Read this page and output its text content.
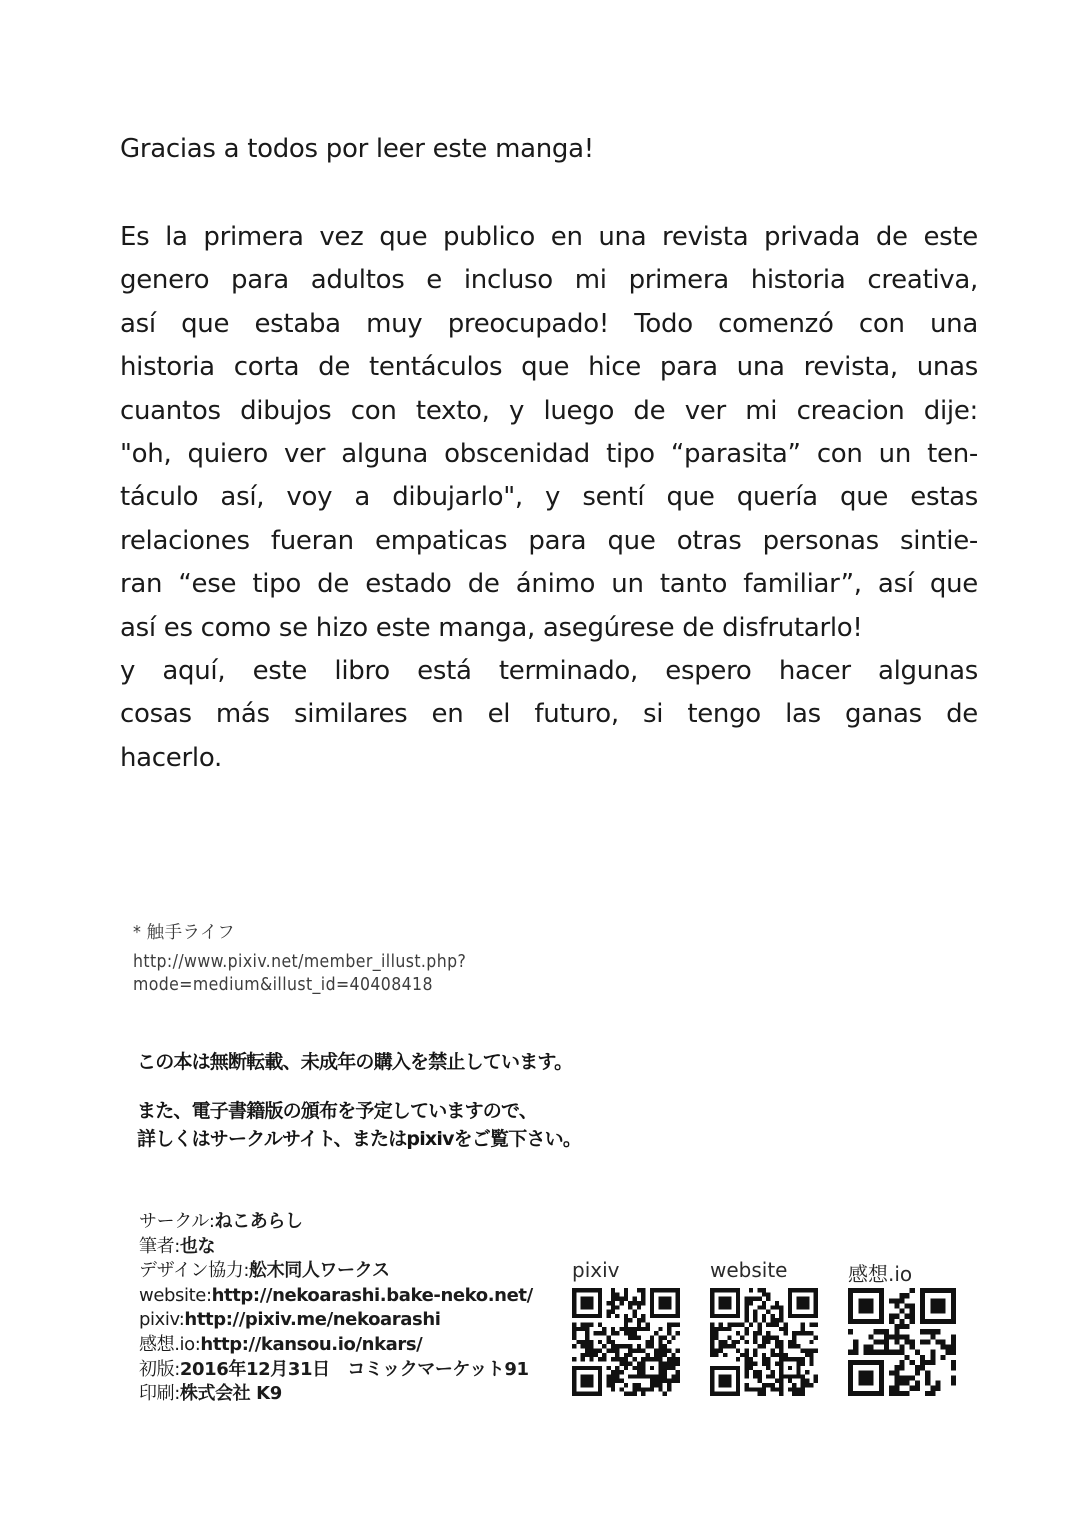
Gracias a todos por leer este manga!
Es la primera vez que publico en una revista privada de este
genero para adultos e incluso mi primera historia creativa,
así que estaba muy preocupado! Todo comenzó con una
historia corta de tentáculos que hice para una revista, unas
cuantos dibujos con texto, y luego de ver mi creacion dije:
"oh, quiero ver alguna obscenidad tipo “parasita” con un ten-
táculo así, voy a dibujarlo", y sentí que quería que estas
relaciones fueran empaticas para que otras personas sintie-
ran “ese tipo de estado de ánimo un tanto familiar”, así que
así es como se hizo este manga, asegúrese de disfrutarlo!
y aquí, este libro está terminado, espero hacer algunas
cosas más similares en el futuro, si tengo las ganas de
hacerlo.
* 触手ライフ
http://www.pixiv.net/member_illust.php?
mode=medium&illust_id=40408418
この本は無断転載、未成年の購入を禁止しています。
また、電子書籍版の頒布を予定していますので、
詳しくはサークルサイト、またはpixivをご覧下さい。
サークル:ねこあらし
筆者:也な
デザイン協力:舩木同人ワークス
website:http://nekoarashi.bake-neko.net/
pixiv:http://pixiv.me/nekoarashi
感想.io:http://kansou.io/nkars/
初版:2016年12月31日　コミックマーケット91
印刷:株式会社 K9
pixiv	website	感想.io
